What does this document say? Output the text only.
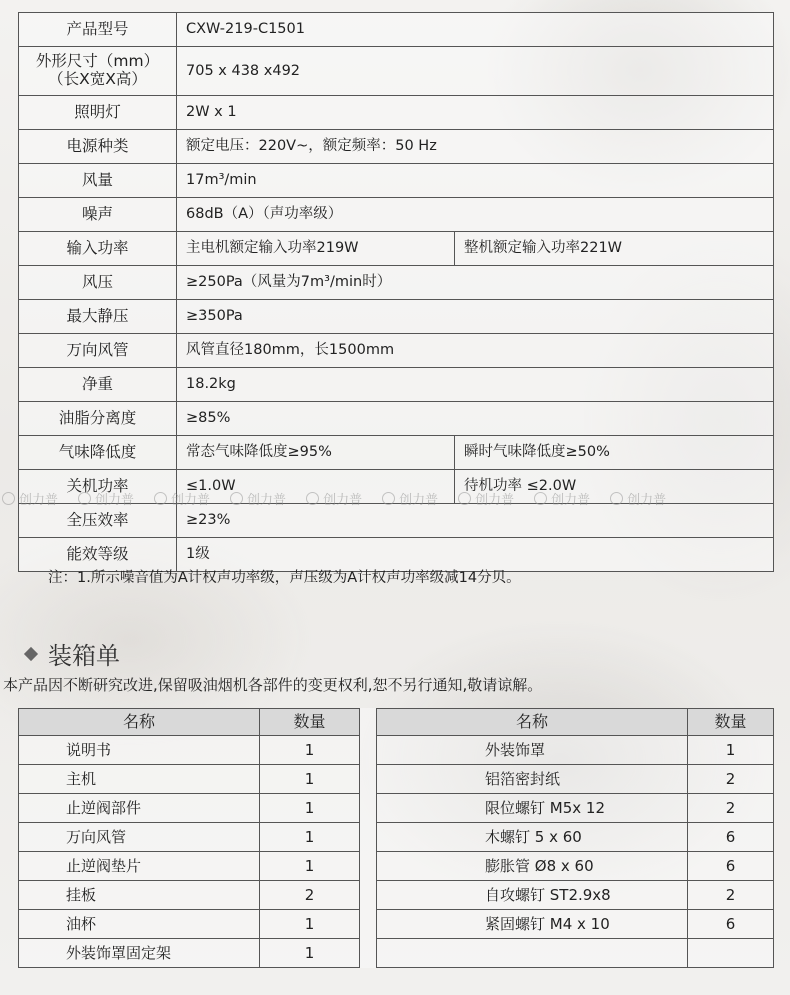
产品型号	CXW-219-C1501	
外形尺寸（mm）
（长X宽X高）	705 x 438 x492	
照明灯	2W x 1	
电源种类	额定电压：220V~，额定频率：50 Hz	
风量	17m³/min	
噪声	68dB（A）（声功率级）	
输入功率	主电机额定输入功率219W	整机额定输入功率221W
风压	≥250Pa（风量为7m³/min时）	
最大静压	≥350Pa	
万向风管	风管直径180mm，长1500mm	
净重	18.2kg	
油脂分离度	≥85%	
气味降低度	常态气味降低度≥95%	瞬时气味降低度≥50%
关机功率	≤1.0W	待机功率 ≤2.0W
全压效率	≥23%	
能效等级	1级	
注：1.所示噪音值为A计权声功率级，声压级为A计权声功率级减14分贝。
装箱单
本产品因不断研究改进,保留吸油烟机各部件的变更权利,恕不另行通知,敬请谅解。
名称	数量		名称	数量
说明书	1		外装饰罩	1
主机	1		铝箔密封纸	2
止逆阀部件	1		限位螺钉 M5x 12	2
万向风管	1		木螺钉 5 x 60	6
止逆阀垫片	1		膨胀管 Ø8 x 60	6
挂板	2		自攻螺钉 ST2.9x8	2
油杯	1		紧固螺钉 M4 x 10	6
外装饰罩固定架	1			
创力普	创力普	创力普	创力普	创力普	创力普	创力普	创力普	创力普
